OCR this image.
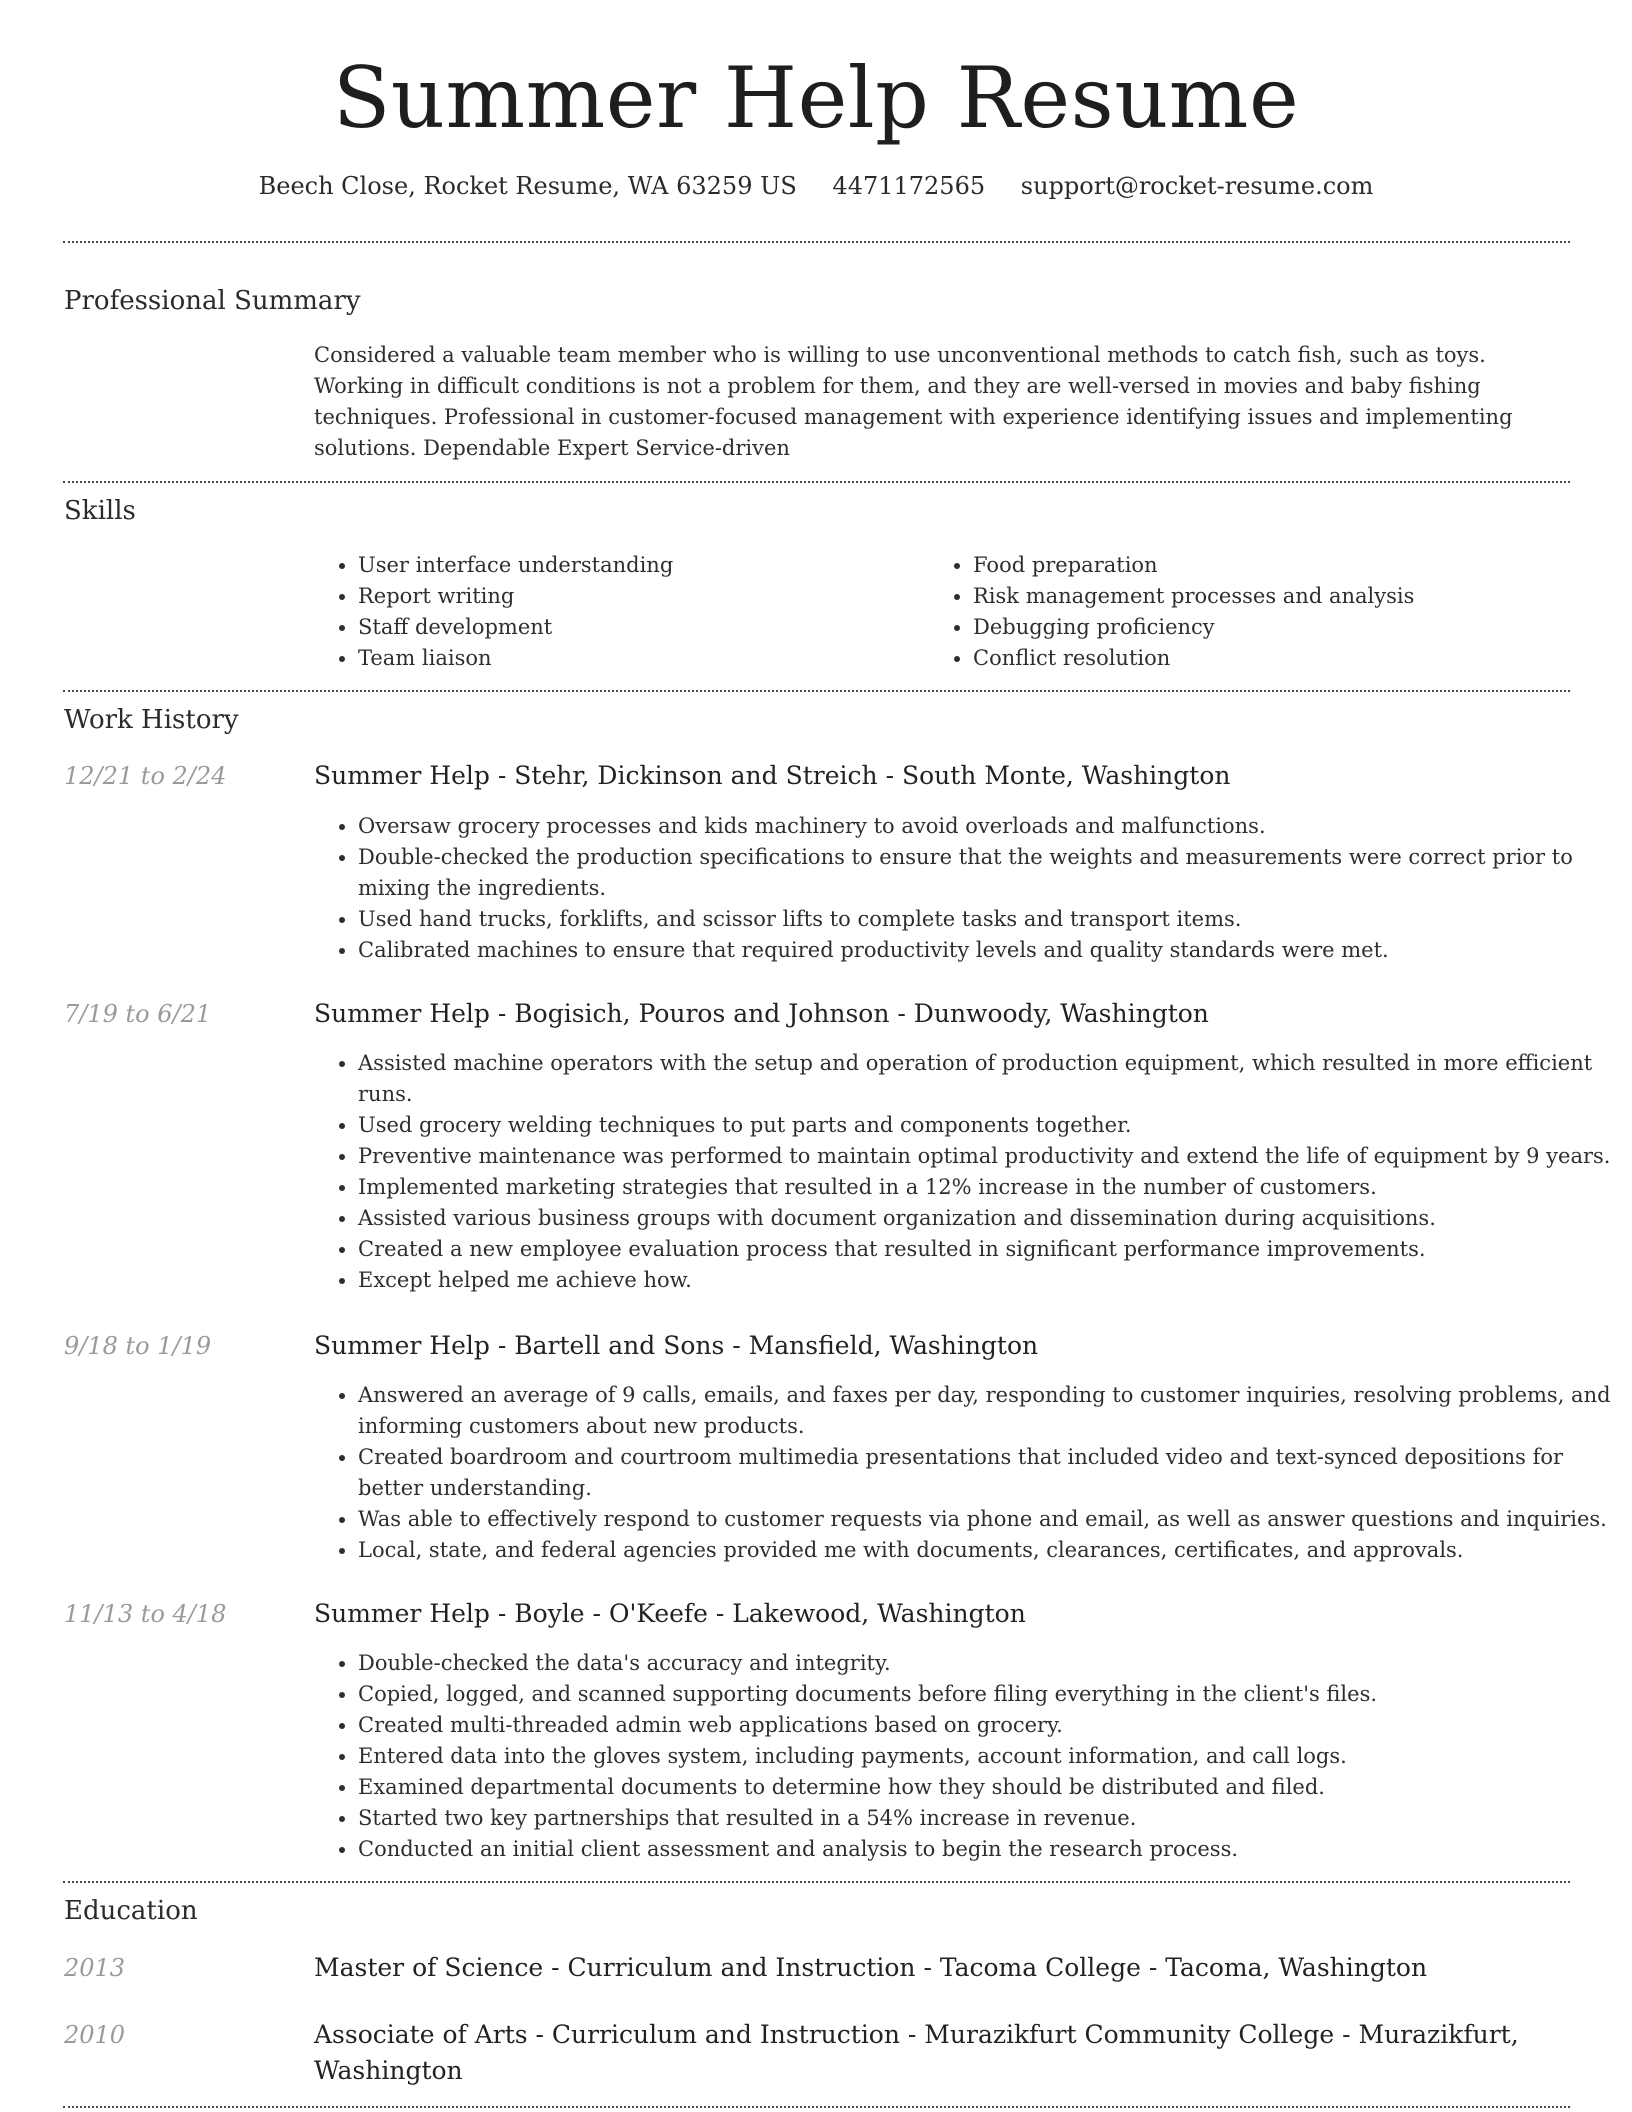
Summer Help Resume
Beech Close, Rocket Resume, WA 63259 US 4471172565 support@rocket-resume.com
Professional Summary

Considered a valuable team member who is willing to use unconventional methods to catch fish, such as toys. Working in difficult conditions is not a problem for them, and they are well-versed in movies and baby fishing techniques. Professional in customer-focused management with experience identifying issues and implementing solutions. Dependable Expert Service-driven

Skills
• User interface understanding
• Report writing
• Staff development
• Team liaison
• Food preparation
• Risk management processes and analysis
• Debugging proficiency
• Conflict resolution
Work History
12/21 to 2/24	Summer Help - Stehr, Dickinson and Streich - South Monte, Washington
• Oversaw grocery processes and kids machinery to avoid overloads and malfunctions.
• Double-checked the production specifications to ensure that the weights and measurements were correct prior to mixing the ingredients.
• Used hand trucks, forklifts, and scissor lifts to complete tasks and transport items.
• Calibrated machines to ensure that required productivity levels and quality standards were met.
7/19 to 6/21	Summer Help - Bogisich, Pouros and Johnson - Dunwoody, Washington
• Assisted machine operators with the setup and operation of production equipment, which resulted in more efficient runs.
• Used grocery welding techniques to put parts and components together.
• Preventive maintenance was performed to maintain optimal productivity and extend the life of equipment by 9 years.
• Implemented marketing strategies that resulted in a 12% increase in the number of customers.
• Assisted various business groups with document organization and dissemination during acquisitions.
• Created a new employee evaluation process that resulted in significant performance improvements.
• Except helped me achieve how.
9/18 to 1/19	Summer Help - Bartell and Sons - Mansfield, Washington
• Answered an average of 9 calls, emails, and faxes per day, responding to customer inquiries, resolving problems, and informing customers about new products.
• Created boardroom and courtroom multimedia presentations that included video and text-synced depositions for better understanding.
• Was able to effectively respond to customer requests via phone and email, as well as answer questions and inquiries.
• Local, state, and federal agencies provided me with documents, clearances, certificates, and approvals.
11/13 to 4/18	Summer Help - Boyle - O'Keefe - Lakewood, Washington
• Double-checked the data's accuracy and integrity.
• Copied, logged, and scanned supporting documents before filing everything in the client's files.
• Created multi-threaded admin web applications based on grocery.
• Entered data into the gloves system, including payments, account information, and call logs.
• Examined departmental documents to determine how they should be distributed and filed.
• Started two key partnerships that resulted in a 54% increase in revenue.
• Conducted an initial client assessment and analysis to begin the research process.
Education
2013	Master of Science - Curriculum and Instruction - Tacoma College - Tacoma, Washington
2010	Associate of Arts - Curriculum and Instruction - Murazikfurt Community College - Murazikfurt, Washington
